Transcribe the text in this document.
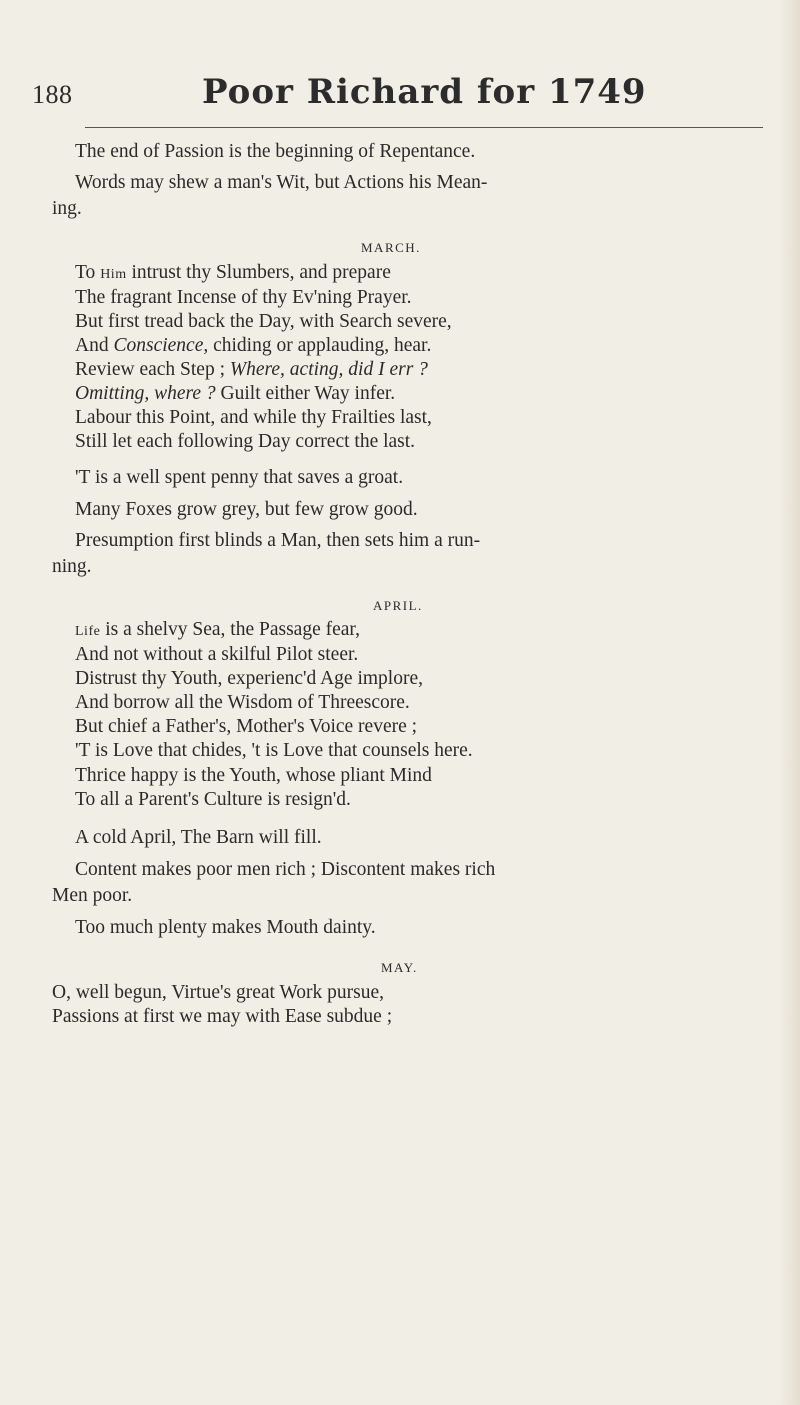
188	Poor Richard for 1749
The end of Passion is the beginning of Repentance.
Words may shew a man's Wit, but Actions his Mean-
ing.
MARCH.
To Him intrust thy Slumbers, and prepare
The fragrant Incense of thy Ev'ning Prayer.
But first tread back the Day, with Search severe,
And Conscience, chiding or applauding, hear.
Review each Step ; Where, acting, did I err ?
Omitting, where ? Guilt either Way infer.
Labour this Point, and while thy Frailties last,
Still let each following Day correct the last.
'T is a well spent penny that saves a groat.
Many Foxes grow grey, but few grow good.
Presumption first blinds a Man, then sets him a run-
ning.
APRIL.
Life is a shelvy Sea, the Passage fear,
And not without a skilful Pilot steer.
Distrust thy Youth, experienc'd Age implore,
And borrow all the Wisdom of Threescore.
But chief a Father's, Mother's Voice revere ;
'T is Love that chides, 't is Love that counsels here.
Thrice happy is the Youth, whose pliant Mind
To all a Parent's Culture is resign'd.
A cold April, The Barn will fill.
Content makes poor men rich ; Discontent makes rich
Men poor.
Too much plenty makes Mouth dainty.
MAY.
O, well begun, Virtue's great Work pursue,
Passions at first we may with Ease subdue ;
